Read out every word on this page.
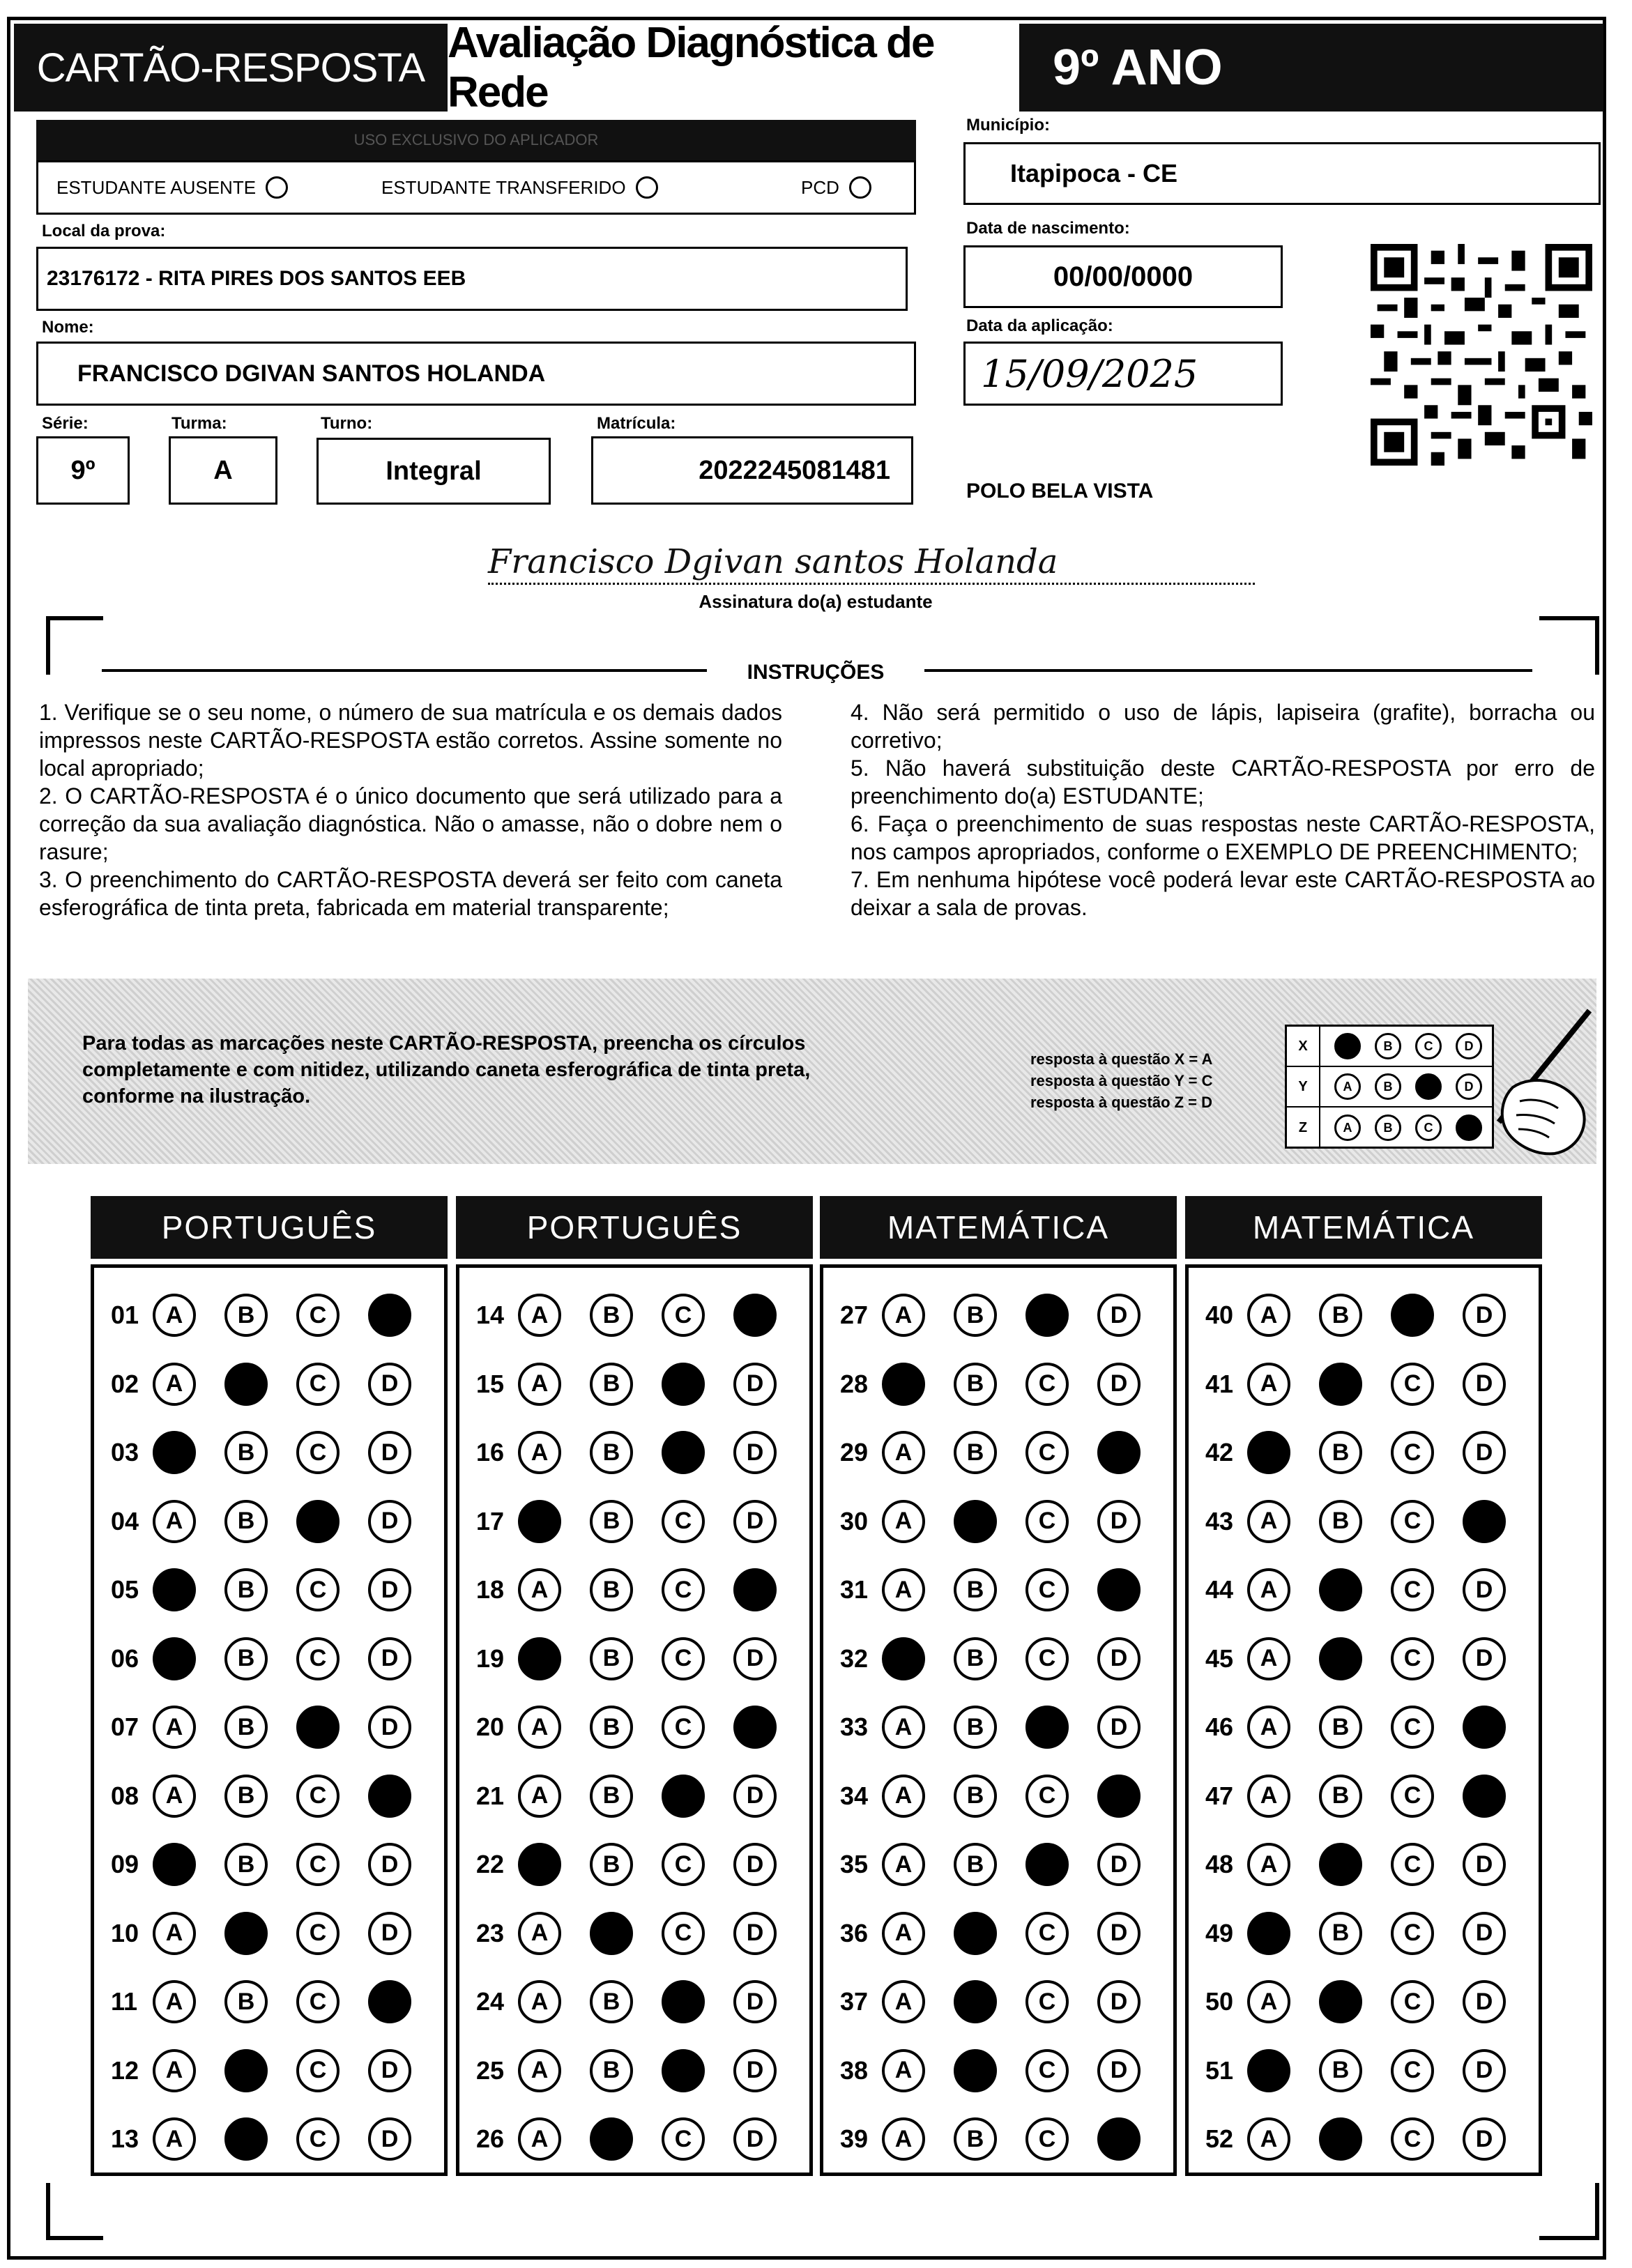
CARTÃO-RESPOSTA
Avaliação Diagnóstica de Rede	9º ANO
USO EXCLUSIVO DO APLICADOR
ESTUDANTE AUSENTE	ESTUDANTE TRANSFERIDO	PCD
Município:
Itapipoca - CE
Data de nascimento:
00/00/0000
Data da aplicação:
15/09/2025
Local da prova:
23176172 - RITA PIRES DOS SANTOS EEB
Nome:
FRANCISCO DGIVAN SANTOS HOLANDA
Série:
9º
Turma:
A
Turno:
Integral
Matrícula:
2022245081481
POLO BELA VISTA
Francisco Dgivan santos Holanda
Assinatura do(a) estudante
INSTRUÇÕES

1. Verifique se o seu nome, o número de sua matrícula e os demais dados impressos neste CARTÃO-RESPOSTA estão corretos. Assine somente no local apropriado;

2. O CARTÃO-RESPOSTA é o único documento que será utilizado para a correção da sua avaliação diagnóstica. Não o amasse, não o dobre nem o rasure;

3. O preenchimento do CARTÃO-RESPOSTA deverá ser feito com caneta esferográfica de tinta preta, fabricada em material transparente;

4. Não será permitido o uso de lápis, lapiseira (grafite), borracha ou corretivo;

5. Não haverá substituição deste CARTÃO-RESPOSTA por erro de preenchimento do(a) ESTUDANTE;

6. Faça o preenchimento de suas respostas neste CARTÃO-RESPOSTA, nos campos apropriados, conforme o EXEMPLO DE PREENCHIMENTO;

7. Em nenhuma hipótese você poderá levar este CARTÃO-RESPOSTA ao deixar a sala de provas.

Para todas as marcações neste CARTÃO-RESPOSTA, preencha os círculos completamente e com nitidez, utilizando caneta esferográfica de tinta preta, conforme na ilustração.
resposta à questão X = A
resposta à questão Y = C
resposta à questão Z = D
X	A	B	C	D
Y	A	B	C	D
Z	A	B	C	D
PORTUGUÊS
01	A	B	C	D
02	A	B	C	D
03	A	B	C	D
04	A	B	C	D
05	A	B	C	D
06	A	B	C	D
07	A	B	C	D
08	A	B	C	D
09	A	B	C	D
10	A	B	C	D
11	A	B	C	D
12	A	B	C	D
13	A	B	C	D
PORTUGUÊS
14	A	B	C	D
15	A	B	C	D
16	A	B	C	D
17	A	B	C	D
18	A	B	C	D
19	A	B	C	D
20	A	B	C	D
21	A	B	C	D
22	A	B	C	D
23	A	B	C	D
24	A	B	C	D
25	A	B	C	D
26	A	B	C	D
MATEMÁTICA
27	A	B	C	D
28	A	B	C	D
29	A	B	C	D
30	A	B	C	D
31	A	B	C	D
32	A	B	C	D
33	A	B	C	D
34	A	B	C	D
35	A	B	C	D
36	A	B	C	D
37	A	B	C	D
38	A	B	C	D
39	A	B	C	D
MATEMÁTICA
40	A	B	C	D
41	A	B	C	D
42	A	B	C	D
43	A	B	C	D
44	A	B	C	D
45	A	B	C	D
46	A	B	C	D
47	A	B	C	D
48	A	B	C	D
49	A	B	C	D
50	A	B	C	D
51	A	B	C	D
52	A	B	C	D
